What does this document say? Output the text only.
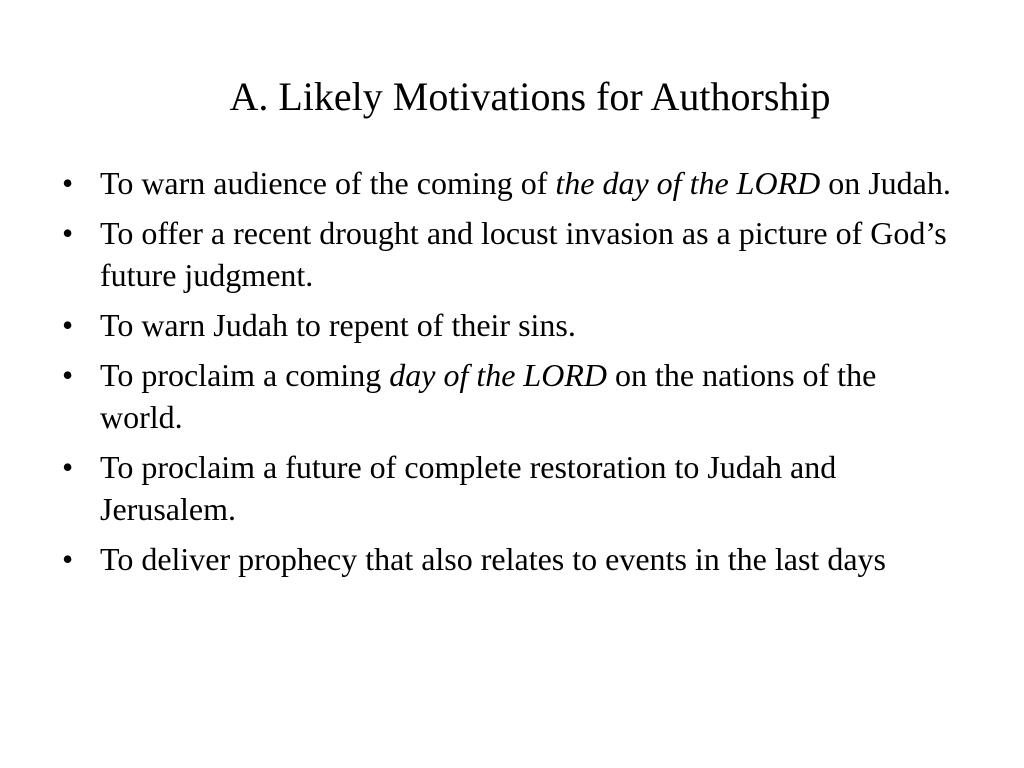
A. Likely Motivations for Authorship
• To warn audience of the coming of the day of the LORD on Judah.
• To offer a recent drought and locust invasion as a picture of God’s future judgment.
• To warn Judah to repent of their sins.
• To proclaim a coming day of the LORD on the nations of the world.
• To proclaim a future of complete restoration to Judah and Jerusalem.
• To deliver prophecy that also relates to events in the last days
